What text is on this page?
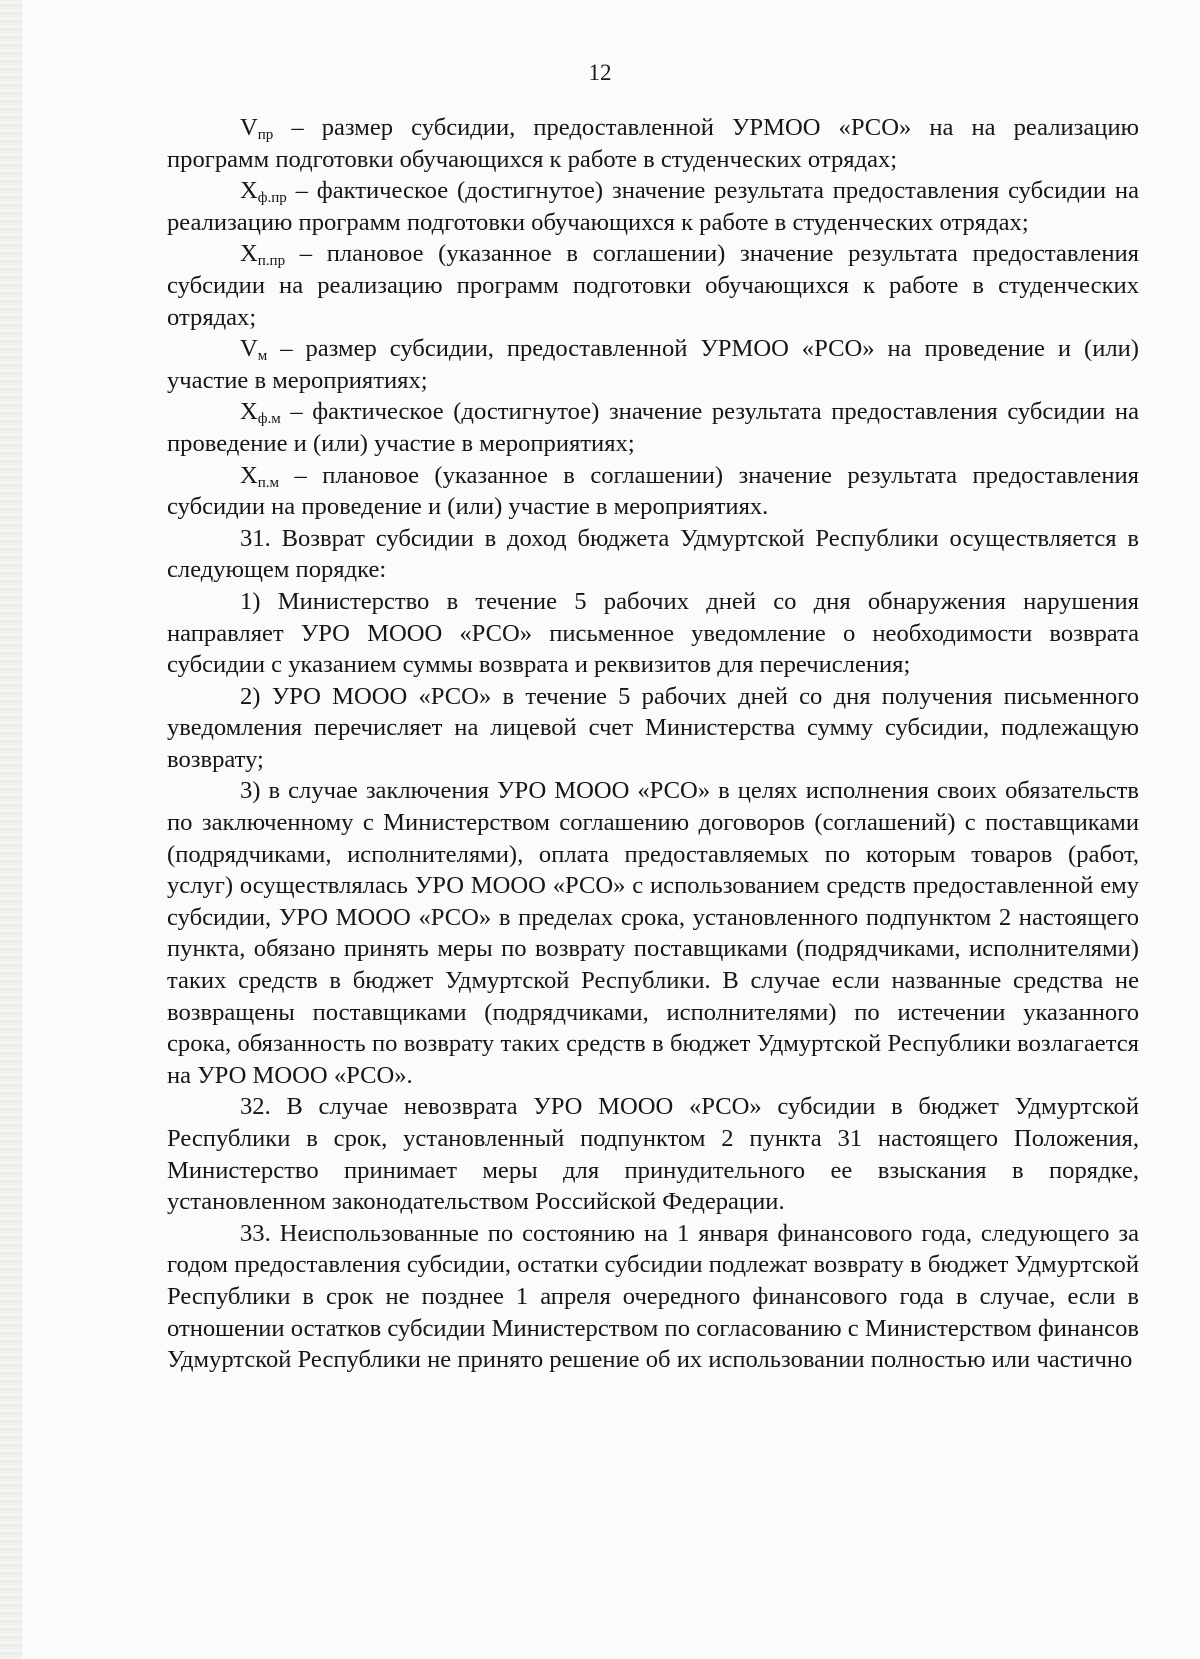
12

$V_{пр}$ – размер субсидии, предоставленной УРМОО «РСО» на на реализацию программ подготовки обучающихся к работе в студенческих отрядах;

$X_{ф.пр}$ – фактическое (достигнутое) значение результата предоставления субсидии на реализацию программ подготовки обучающихся к работе в студенческих отрядах;

$X_{п.пр}$ – плановое (указанное в соглашении) значение результата предоставления субсидии на реализацию программ подготовки обучающихся к работе в студенческих отрядах;

$V_м$ – размер субсидии, предоставленной УРМОО «РСО» на проведение и (или) участие в мероприятиях;

$X_{ф.м}$ – фактическое (достигнутое) значение результата предоставления субсидии на проведение и (или) участие в мероприятиях;

$X_{п.м}$ – плановое (указанное в соглашении) значение результата предоставления субсидии на проведение и (или) участие в мероприятиях.

31. Возврат субсидии в доход бюджета Удмуртской Республики осуществляется в следующем порядке:

1) Министерство в течение 5 рабочих дней со дня обнаружения нарушения направляет УРО МООО «РСО» письменное уведомление о необходимости возврата субсидии с указанием суммы возврата и реквизитов для перечисления;

2) УРО МООО «РСО» в течение 5 рабочих дней со дня получения письменного уведомления перечисляет на лицевой счет Министерства сумму субсидии, подлежащую возврату;

3) в случае заключения УРО МООО «РСО» в целях исполнения своих обязательств по заключенному с Министерством соглашению договоров (соглашений) с поставщиками (подрядчиками, исполнителями), оплата предоставляемых по которым товаров (работ, услуг) осуществлялась УРО МООО «РСО» с использованием средств предоставленной ему субсидии, УРО МООО «РСО» в пределах срока, установленного подпунктом 2 настоящего пункта, обязано принять меры по возврату поставщиками (подрядчиками, исполнителями) таких средств в бюджет Удмуртской Республики. В случае если названные средства не возвращены поставщиками (подрядчиками, исполнителями) по истечении указанного срока, обязанность по возврату таких средств в бюджет Удмуртской Республики возлагается на УРО МООО «РСО».

32. В случае невозврата УРО МООО «РСО» субсидии в бюджет Удмуртской Республики в срок, установленный подпунктом 2 пункта 31 настоящего Положения, Министерство принимает меры для принудительного ее взыскания в порядке, установленном законодательством Российской Федерации.

33. Неиспользованные по состоянию на 1 января финансового года, следующего за годом предоставления субсидии, остатки субсидии подлежат возврату в бюджет Удмуртской Республики в срок не позднее 1 апреля очередного финансового года в случае, если в отношении остатков субсидии Министерством по согласованию с Министерством финансов Удмуртской Республики не принято решение об их использовании полностью или частично
